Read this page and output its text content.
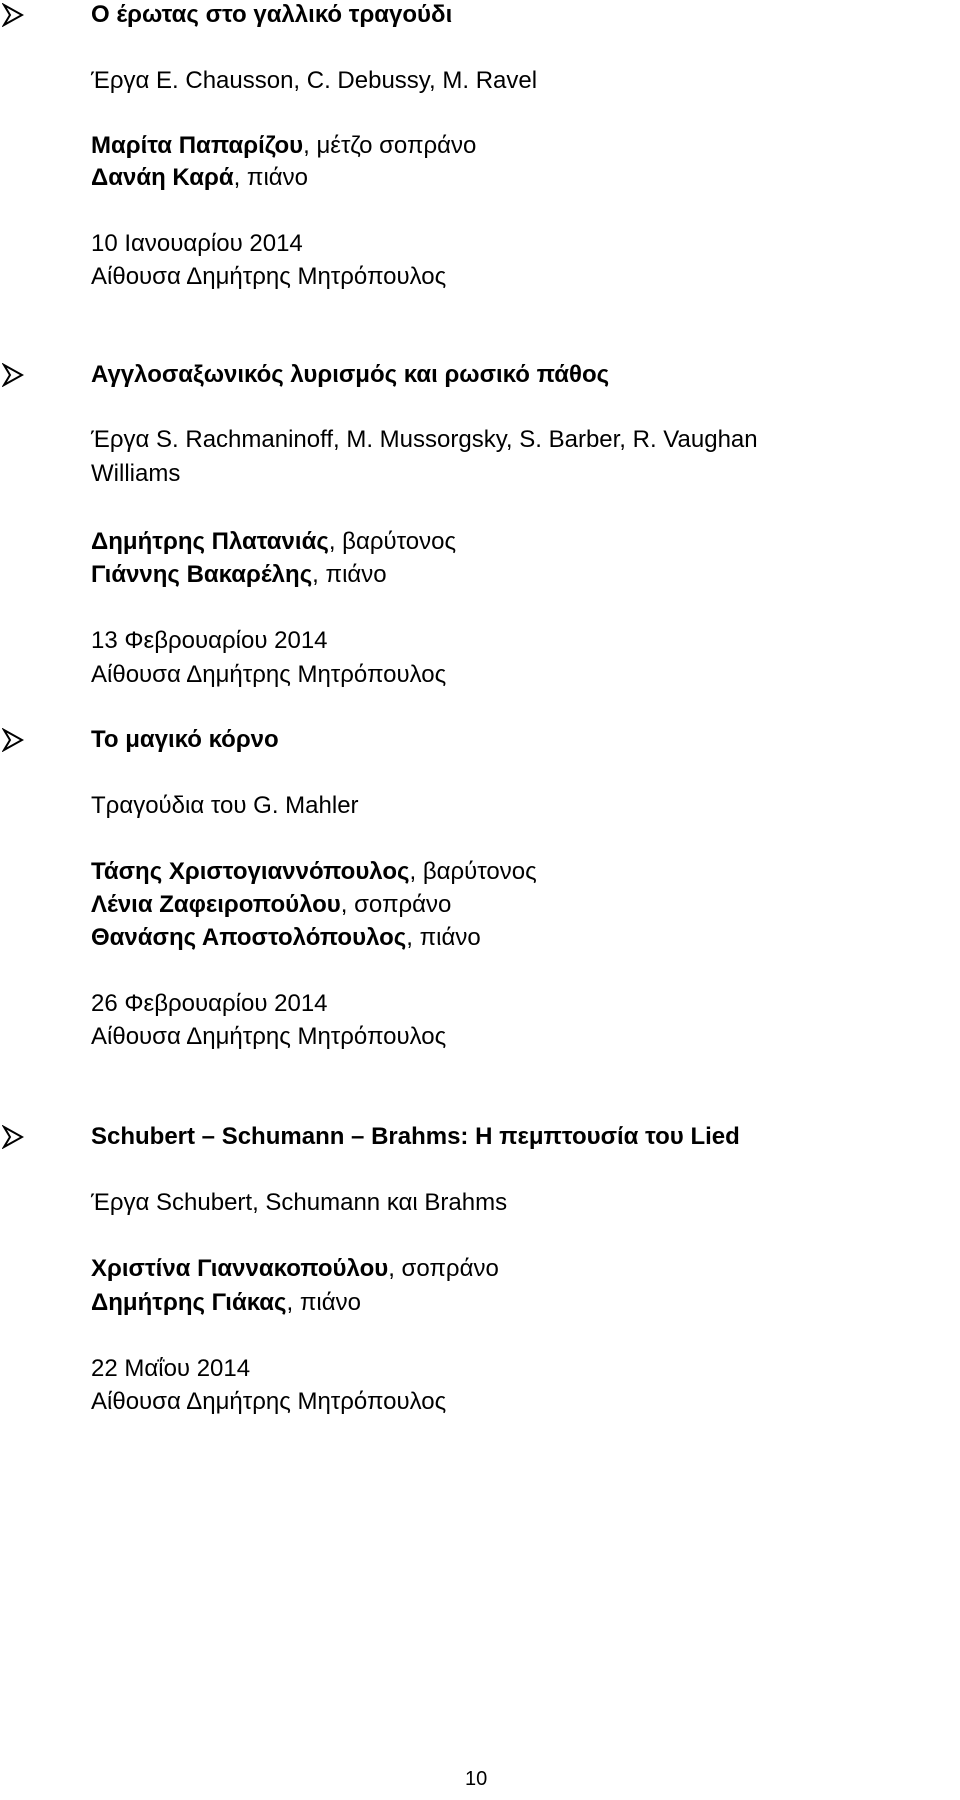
Ο έρωτας στο γαλλικό τραγούδι
Έργα E. Chausson, C. Debussy, M. Ravel
Μαρίτα Παπαρίζου, μέτζο σοπράνο
Δανάη Καρά, πιάνο
10 Ιανουαρίου 2014
Αίθουσα Δημήτρης Μητρόπουλος
Αγγλοσαξωνικός λυρισμός και ρωσικό πάθος
Έργα S. Rachmaninoff, M. Mussorgsky, S. Barber, R. Vaughan
Williams
Δημήτρης Πλατανιάς, βαρύτονος
Γιάννης Βακαρέλης, πιάνο
13 Φεβρουαρίου 2014
Αίθουσα Δημήτρης Μητρόπουλος
Το μαγικό κόρνο
Τραγούδια του G. Mahler
Τάσης Χριστογιαννόπουλος, βαρύτονος
Λένια Ζαφειροπούλου, σοπράνο
Θανάσης Αποστολόπουλος, πιάνο
26 Φεβρουαρίου 2014
Αίθουσα Δημήτρης Μητρόπουλος
Schubert – Schumann – Brahms: Η πεμπτουσία του Lied
Έργα Schubert, Schumann και Brahms
Χριστίνα Γιαννακοπούλου, σοπράνο
Δημήτρης Γιάκας, πιάνο
22 Μαΐου 2014
Αίθουσα Δημήτρης Μητρόπουλος
10
